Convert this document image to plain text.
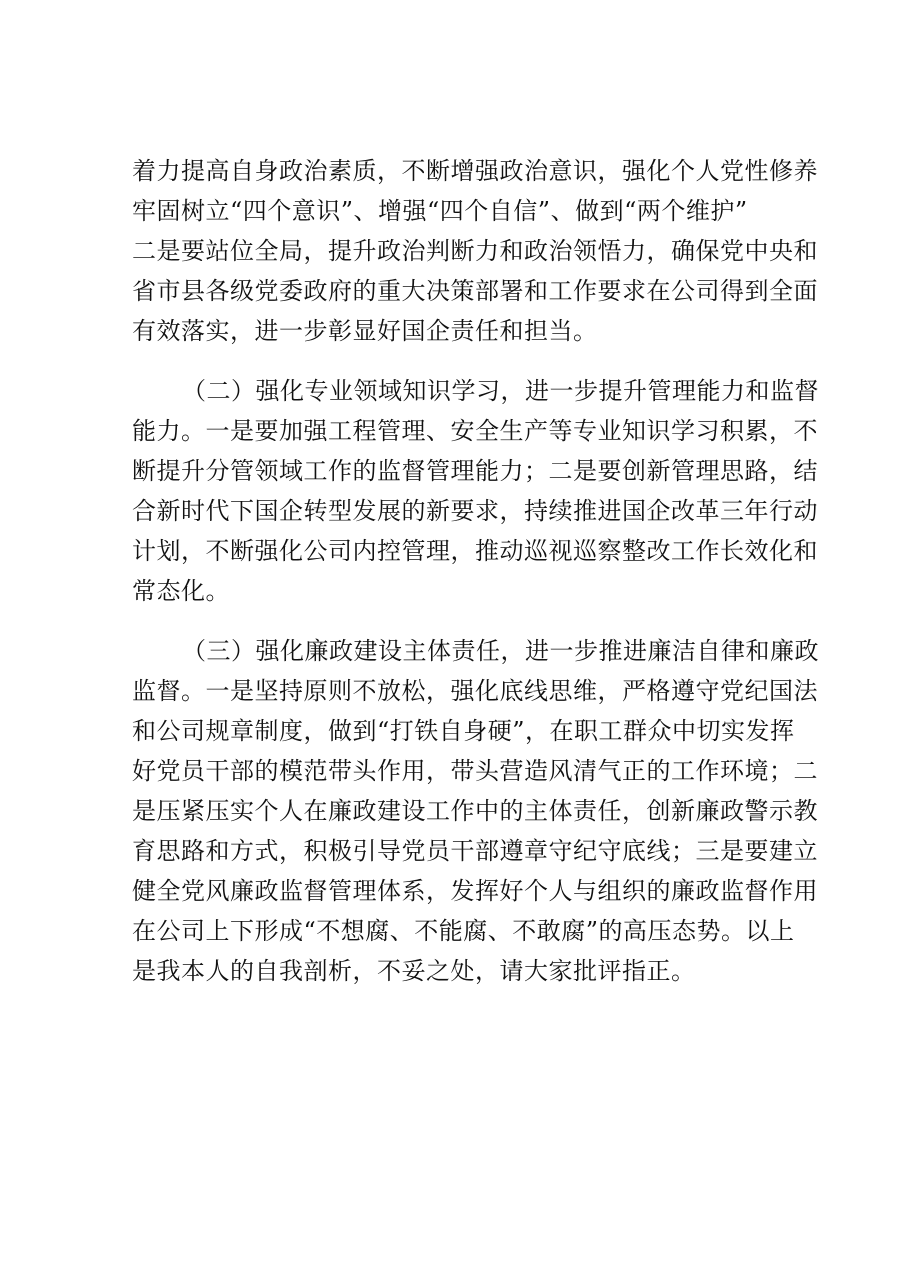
着力提高自身政治素质，不断增强政治意识，强化个人党性修养
牢固树立“四个意识”、增强“四个自信”、做到“两个维护”
二是要站位全局，提升政治判断力和政治领悟力，确保党中央和
省市县各级党委政府的重大决策部署和工作要求在公司得到全面
有效落实，进一步彰显好国企责任和担当。
（二）强化专业领域知识学习，进一步提升管理能力和监督
能力。一是要加强工程管理、安全生产等专业知识学习积累，不
断提升分管领域工作的监督管理能力；二是要创新管理思路，结
合新时代下国企转型发展的新要求，持续推进国企改革三年行动
计划，不断强化公司内控管理，推动巡视巡察整改工作长效化和
常态化。
（三）强化廉政建设主体责任，进一步推进廉洁自律和廉政
监督。一是坚持原则不放松，强化底线思维，严格遵守党纪国法
和公司规章制度，做到“打铁自身硬”，在职工群众中切实发挥
好党员干部的模范带头作用，带头营造风清气正的工作环境；二
是压紧压实个人在廉政建设工作中的主体责任，创新廉政警示教
育思路和方式，积极引导党员干部遵章守纪守底线；三是要建立
健全党风廉政监督管理体系，发挥好个人与组织的廉政监督作用
在公司上下形成“不想腐、不能腐、不敢腐”的高压态势。以上
是我本人的自我剖析，不妥之处，请大家批评指正。
